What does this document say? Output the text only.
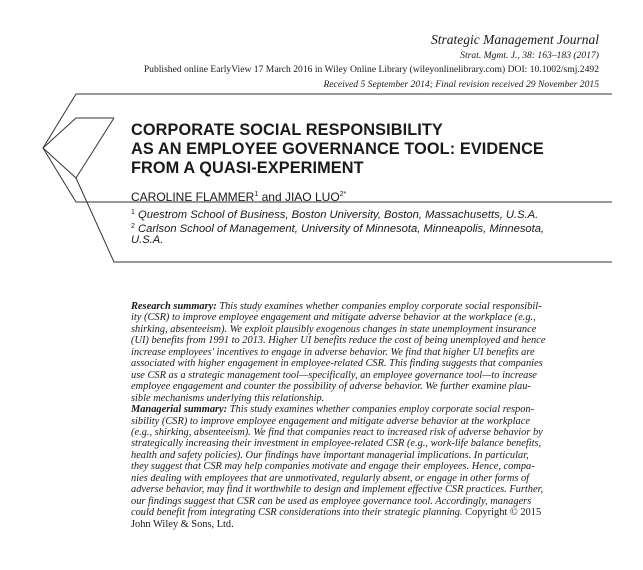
Strategic Management Journal
Strat. Mgmt. J., 38: 163–183 (2017)
Published online EarlyView 17 March 2016 in Wiley Online Library (wileyonlinelibrary.com) DOI: 10.1002/smj.2492
Received 5 September 2014; Final revision received 29 November 2015
CORPORATE SOCIAL RESPONSIBILITY
AS AN EMPLOYEE GOVERNANCE TOOL: EVIDENCE
FROM A QUASI-EXPERIMENT
CAROLINE FLAMMER$^1$ and JIAO $LUO^{2*}$
$^1$ Questrom School of Business, Boston University, Boston, Massachusetts, U.S.A.
$^2$ Carlson School of Management, University of Minnesota, Minneapolis, Minnesota,
U.S.A.
Research summary: This study examines whether companies employ corporate social responsibil-
ity (CSR) to improve employee engagement and mitigate adverse behavior at the workplace (e.g.,
shirking, absenteeism). We exploit plausibly exogenous changes in state unemployment insurance
(UI) benefits from 1991 to 2013. Higher UI benefits reduce the cost of being unemployed and hence
increase employees' incentives to engage in adverse behavior. We find that higher UI benefits are
associated with higher engagement in employee-related CSR. This finding suggests that companies
use CSR as a strategic management tool—specifically, an employee governance tool—to increase
employee engagement and counter the possibility of adverse behavior. We further examine plau-
sible mechanisms underlying this relationship.
Managerial summary: This study examines whether companies employ corporate social respon-
sibility (CSR) to improve employee engagement and mitigate adverse behavior at the workplace
(e.g., shirking, absenteeism). We find that companies react to increased risk of adverse behavior by
strategically increasing their investment in employee-related CSR (e.g., work-life balance benefits,
health and safety policies). Our findings have important managerial implications. In particular,
they suggest that CSR may help companies motivate and engage their employees. Hence, compa-
nies dealing with employees that are unmotivated, regularly absent, or engage in other forms of
adverse behavior, may find it worthwhile to design and implement effective CSR practices. Further,
our findings suggest that CSR can be used as employee governance tool. Accordingly, managers
could benefit from integrating CSR considerations into their strategic planning. Copyright © 2015
John Wiley & Sons, Ltd.
